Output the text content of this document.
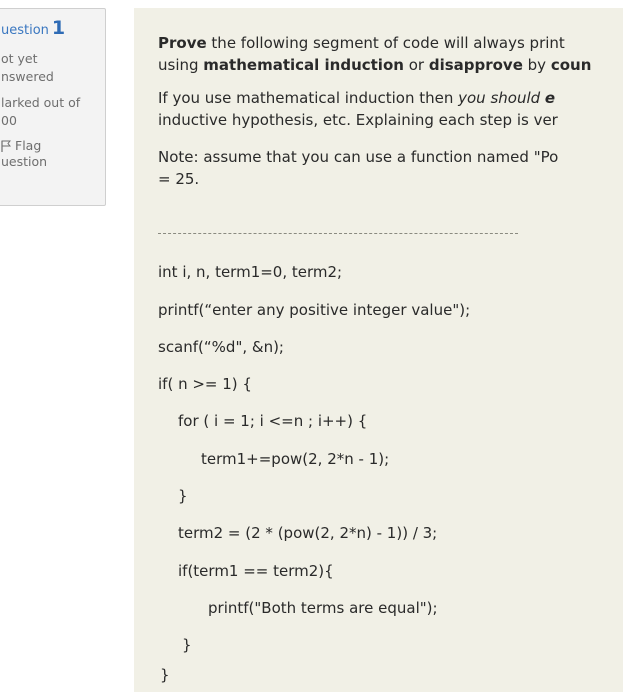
uestion 1
ot yet
nswered
larked out of
00
Flag
uestion
Prove the following segment of code will always print
using mathematical induction or disapprove by coun
If you use mathematical induction then you should e
inductive hypothesis, etc. Explaining each step is ver
Note: assume that you can use a function named "Po
= 25.
int i, n, term1=0, term2;
printf(“enter any positive integer value");
scanf(“%d", &n);
if( n >= 1) {
for ( i = 1; i <=n ; i++) {
term1+=pow(2, 2*n - 1);
}
term2 = (2 * (pow(2, 2*n) - 1)) / 3;
if(term1 == term2){
printf("Both terms are equal");
}
}
